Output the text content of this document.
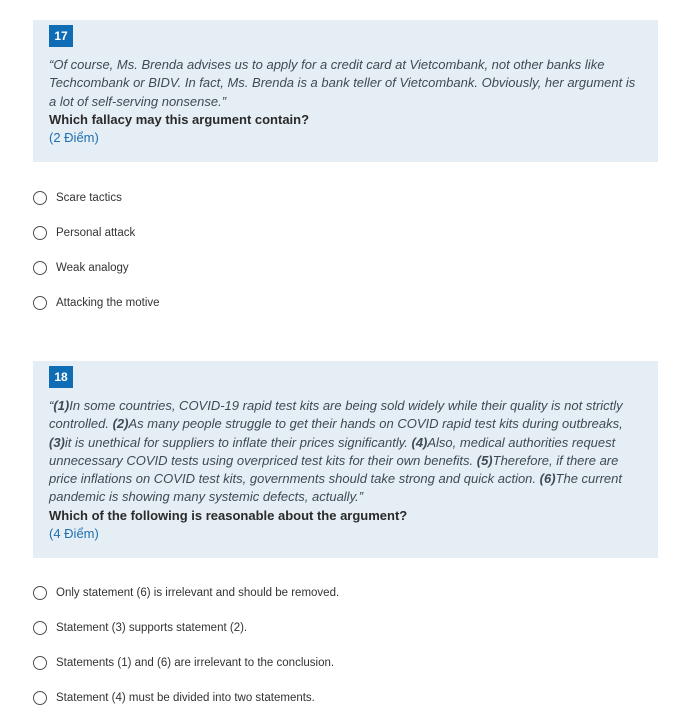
17
“Of course, Ms. Brenda advises us to apply for a credit card at Vietcombank, not other banks like Techcombank or BIDV. In fact, Ms. Brenda is a bank teller of Vietcombank. Obviously, her argument is a lot of self-serving nonsense.”
Which fallacy may this argument contain?
(2 Điểm)
Scare tactics
Personal attack
Weak analogy
Attacking the motive
18
“(1)In some countries, COVID-19 rapid test kits are being sold widely while their quality is not strictly controlled. (2)As many people struggle to get their hands on COVID rapid test kits during outbreaks, (3)it is unethical for suppliers to inflate their prices significantly. (4)Also, medical authorities request unnecessary COVID tests using overpriced test kits for their own benefits. (5)Therefore, if there are price inflations on COVID test kits, governments should take strong and quick action. (6)The current pandemic is showing many systemic defects, actually.”
Which of the following is reasonable about the argument?
(4 Điểm)
Only statement (6) is irrelevant and should be removed.
Statement (3) supports statement (2).
Statements (1) and (6) are irrelevant to the conclusion.
Statement (4) must be divided into two statements.
